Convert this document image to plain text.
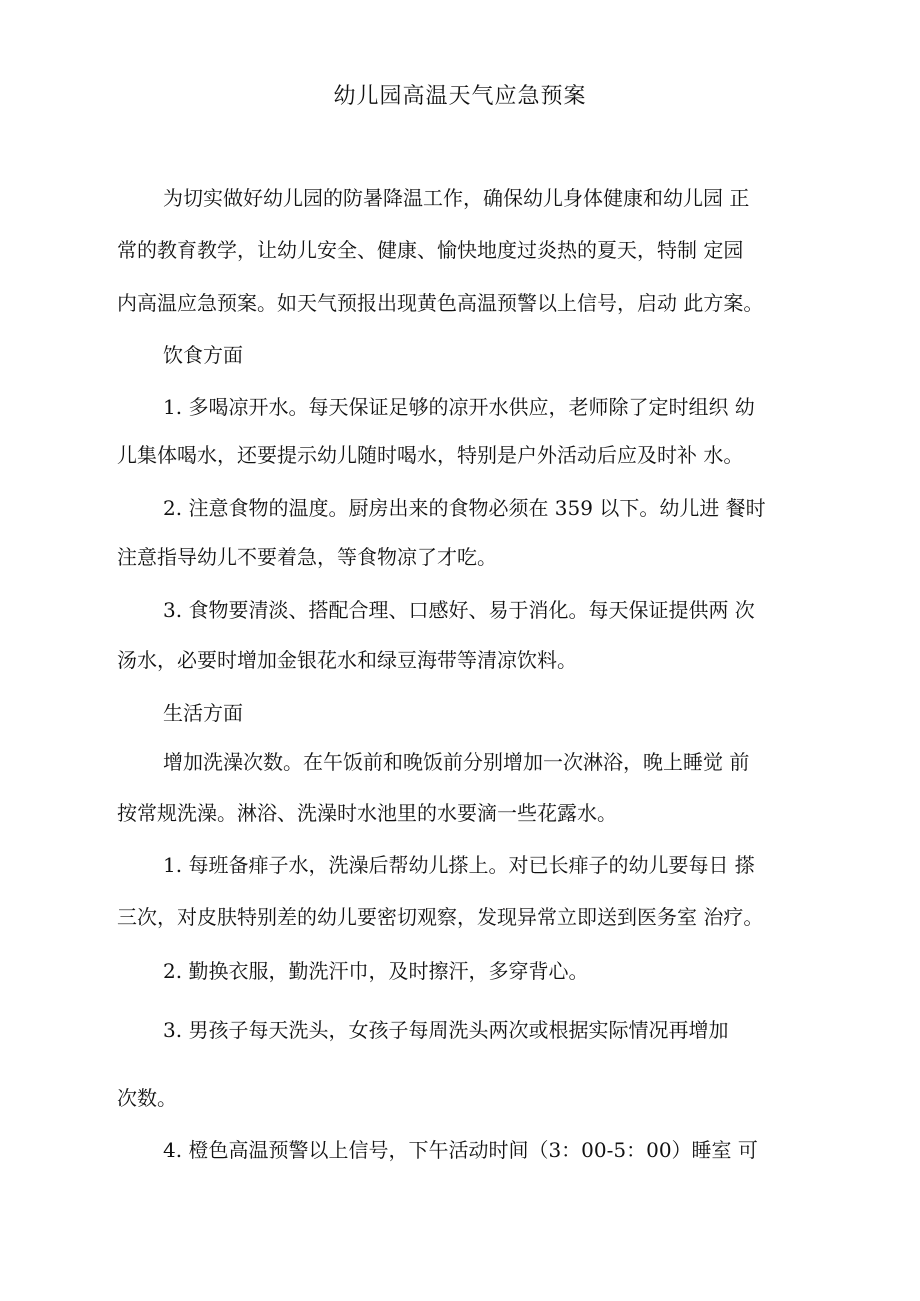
幼儿园高温天气应急预案
为切实做好幼儿园的防暑降温工作，确保幼儿身体健康和幼儿园 正
常的教育教学，让幼儿安全、健康、愉快地度过炎热的夏天，特制 定园
内高温应急预案。如天气预报出现黄色高温预警以上信号，启动 此方案。
饮食方面
1. 多喝凉开水。每天保证足够的凉开水供应，老师除了定时组织 幼
儿集体喝水，还要提示幼儿随时喝水，特别是户外活动后应及时补 水。
2. 注意食物的温度。厨房出来的食物必须在 359 以下。幼儿进 餐时
注意指导幼儿不要着急，等食物凉了才吃。
3. 食物要清淡、搭配合理、口感好、易于消化。每天保证提供两 次
汤水，必要时增加金银花水和绿豆海带等清凉饮料。
生活方面
增加洗澡次数。在午饭前和晚饭前分别增加一次淋浴，晚上睡觉 前
按常规洗澡。淋浴、洗澡时水池里的水要滴一些花露水。
1. 每班备痱子水，洗澡后帮幼儿搽上。对已长痱子的幼儿要每日 搽
三次，对皮肤特别差的幼儿要密切观察，发现异常立即送到医务室 治疗。
2. 勤换衣服，勤洗汗巾，及时擦汗，多穿背心。
3. 男孩子每天洗头，女孩子每周洗头两次或根据实际情况再增加
次数。
4. 橙色高温预警以上信号，下午活动时间（3：00-5：00）睡室 可
